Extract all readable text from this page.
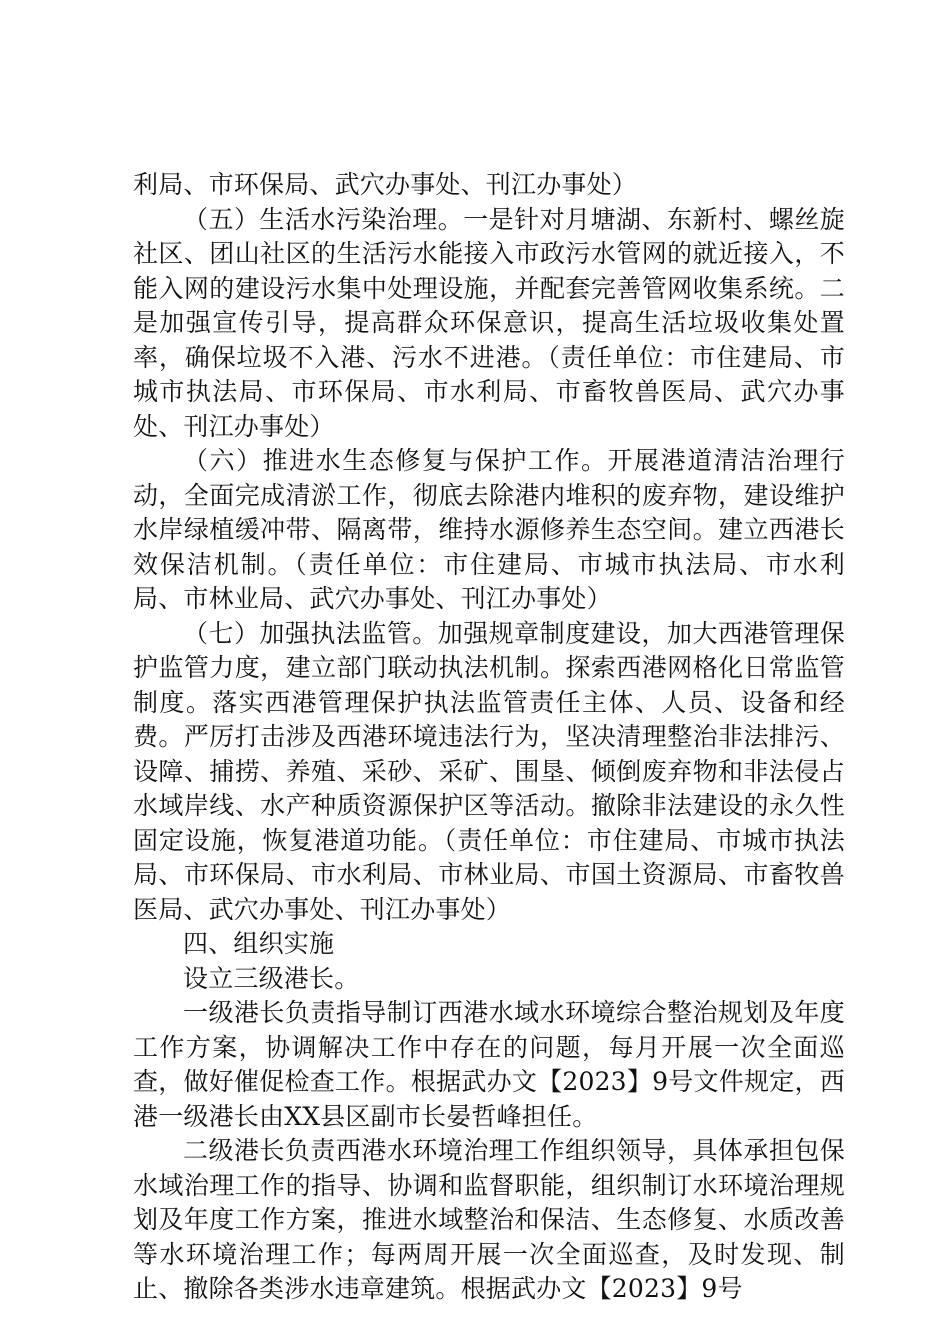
利局、市环保局、武穴办事处、刊江办事处）

（五）生活水污染治理。一是针对月塘湖、东新村、螺丝旋社区、团山社区的生活污水能接入市政污水管网的就近接入，不能入网的建设污水集中处理设施，并配套完善管网收集系统。二是加强宣传引导，提高群众环保意识，提高生活垃圾收集处置率，确保垃圾不入港、污水不进港。（责任单位：市住建局、市城市执法局、市环保局、市水利局、市畜牧兽医局、武穴办事处、刊江办事处）

（六）推进水生态修复与保护工作。开展港道清洁治理行动，全面完成清淤工作，彻底去除港内堆积的废弃物，建设维护水岸绿植缓冲带、隔离带，维持水源修养生态空间。建立西港长效保洁机制。（责任单位：市住建局、市城市执法局、市水利局、市林业局、武穴办事处、刊江办事处）

（七）加强执法监管。加强规章制度建设，加大西港管理保护监管力度，建立部门联动执法机制。探索西港网格化日常监管制度。落实西港管理保护执法监管责任主体、人员、设备和经费。严厉打击涉及西港环境违法行为，坚决清理整治非法排污、设障、捕捞、养殖、采砂、采矿、围垦、倾倒废弃物和非法侵占水域岸线、水产种质资源保护区等活动。撤除非法建设的永久性固定设施，恢复港道功能。（责任单位：市住建局、市城市执法局、市环保局、市水利局、市林业局、市国土资源局、市畜牧兽医局、武穴办事处、刊江办事处）

四、组织实施

设立三级港长。

一级港长负责指导制订西港水域水环境综合整治规划及年度工作方案，协调解决工作中存在的问题，每月开展一次全面巡查，做好催促检查工作。根据武办文【2023】9号文件规定，西港一级港长由XX县区副市长晏哲峰担任。

二级港长负责西港水环境治理工作组织领导，具体承担包保水域治理工作的指导、协调和监督职能，组织制订水环境治理规划及年度工作方案，推进水域整治和保洁、生态修复、水质改善等水环境治理工作；每两周开展一次全面巡查，及时发现、制止、撤除各类涉水违章建筑。根据武办文【2023】9号
